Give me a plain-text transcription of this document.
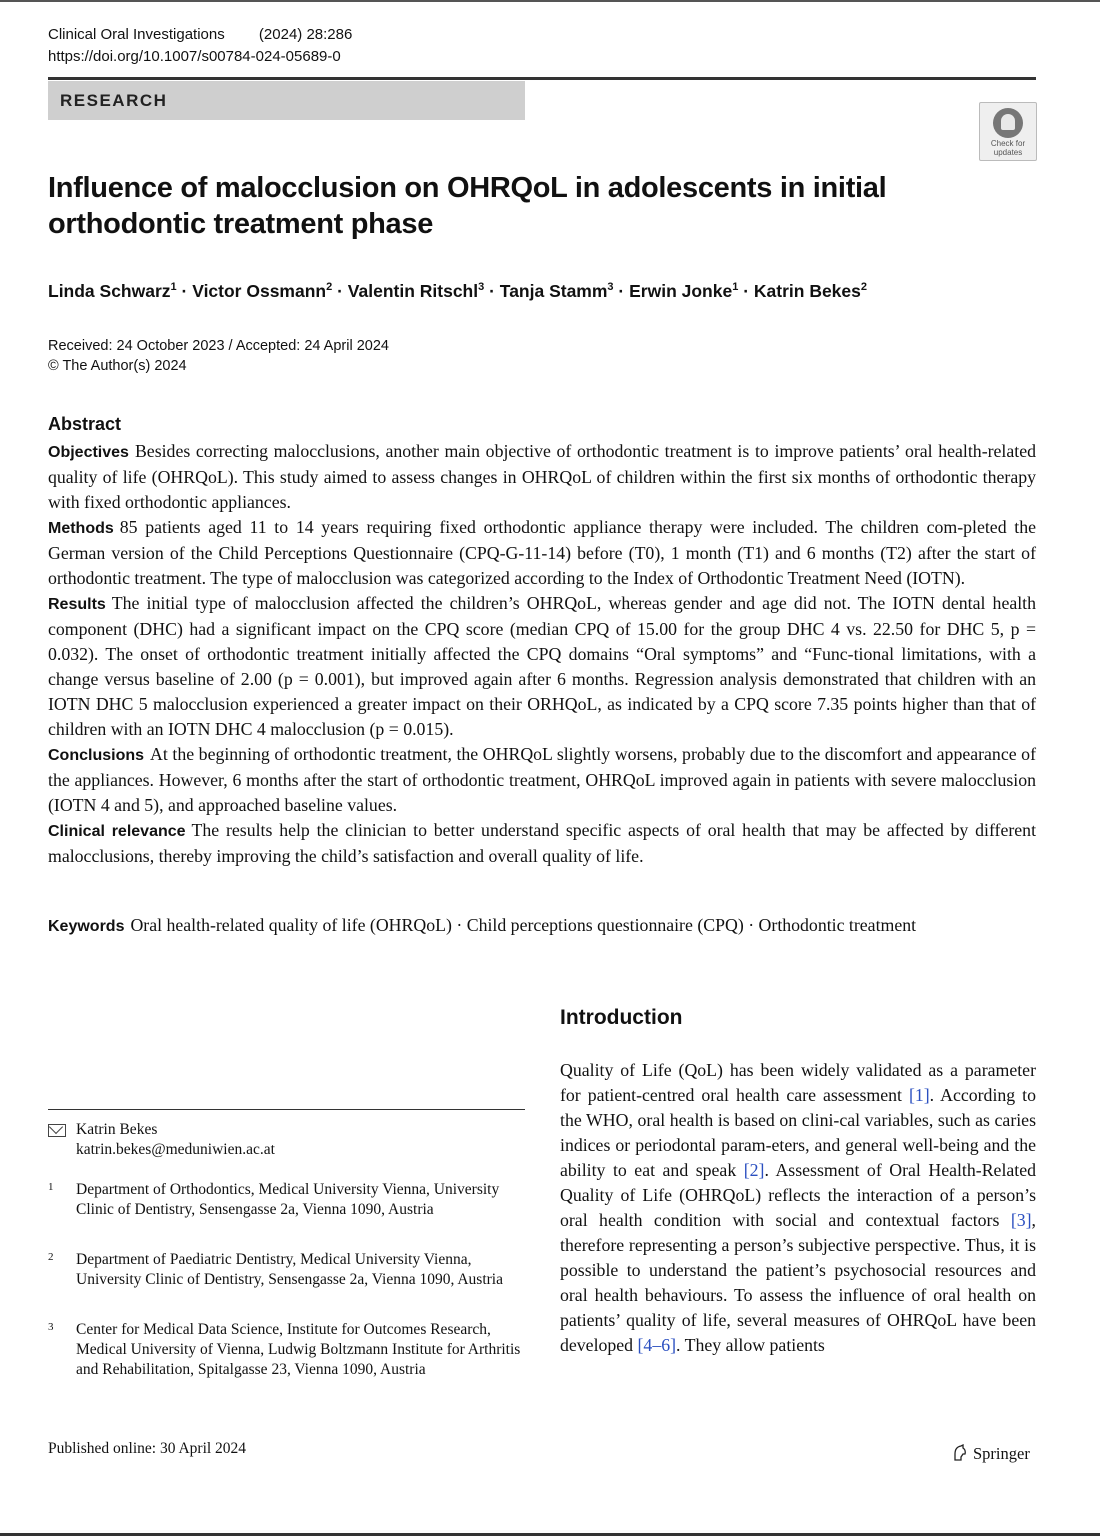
Clinical Oral Investigations (2024) 28:286
https://doi.org/10.1007/s00784-024-05689-0
RESEARCH
Check for
updates
Influence of malocclusion on OHRQoL in adolescents in initial orthodontic treatment phase
Linda Schwarz$^1$ · Victor Ossmann$^2$ · Valentin Ritschl$^3$ · Tanja Stamm$^3$ · Erwin Jonke$^1$ · Katrin Bekes$^2$
Received: 24 October 2023 / Accepted: 24 April 2024
© The Author(s) 2024
Abstract

Objectives Besides correcting malocclusions, another main objective of orthodontic treatment is to improve patients’ oral health-related quality of life (OHRQoL). This study aimed to assess changes in OHRQoL of children within the first six months of orthodontic therapy with fixed orthodontic appliances.

Methods 85 patients aged 11 to 14 years requiring fixed orthodontic appliance therapy were included. The children com-pleted the German version of the Child Perceptions Questionnaire (CPQ-G-11-14) before (T0), 1 month (T1) and 6 months (T2) after the start of orthodontic treatment. The type of malocclusion was categorized according to the Index of Orthodontic Treatment Need (IOTN).

Results The initial type of malocclusion affected the children’s OHRQoL, whereas gender and age did not. The IOTN dental health component (DHC) had a significant impact on the CPQ score (median CPQ of 15.00 for the group DHC 4 vs. 22.50 for DHC 5, p = 0.032). The onset of orthodontic treatment initially affected the CPQ domains “Oral symptoms” and “Func-tional limitations, with a change versus baseline of 2.00 (p = 0.001), but improved again after 6 months. Regression analysis demonstrated that children with an IOTN DHC 5 malocclusion experienced a greater impact on their ORHQoL, as indicated by a CPQ score 7.35 points higher than that of children with an IOTN DHC 4 malocclusion (p = 0.015).

Conclusions At the beginning of orthodontic treatment, the OHRQoL slightly worsens, probably due to the discomfort and appearance of the appliances. However, 6 months after the start of orthodontic treatment, OHRQoL improved again in patients with severe malocclusion (IOTN 4 and 5), and approached baseline values.

Clinical relevance The results help the clinician to better understand specific aspects of oral health that may be affected by different malocclusions, thereby improving the child’s satisfaction and overall quality of life.

Keywords Oral health-related quality of life (OHRQoL) · Child perceptions questionnaire (CPQ) · Orthodontic treatment
Introduction

Quality of Life (QoL) has been widely validated as a parameter for patient-centred oral health care assessment [1]. According to the WHO, oral health is based on clini-cal variables, such as caries indices or periodontal param-eters, and general well-being and the ability to eat and speak [2]. Assessment of Oral Health-Related Quality of Life (OHRQoL) reflects the interaction of a person’s oral health condition with social and contextual factors [3], therefore representing a person’s subjective perspective. Thus, it is possible to understand the patient’s psychosocial resources and oral health behaviours. To assess the influence of oral health on patients’ quality of life, several measures of OHRQoL have been developed [4–6]. They allow patients

Katrin Bekes
katrin.bekes@meduniwien.ac.at
1 Department of Orthodontics, Medical University Vienna, University Clinic of Dentistry, Sensengasse 2a, Vienna 1090, Austria
2 Department of Paediatric Dentistry, Medical University Vienna, University Clinic of Dentistry, Sensengasse 2a, Vienna 1090, Austria
3 Center for Medical Data Science, Institute for Outcomes Research, Medical University of Vienna, Ludwig Boltzmann Institute for Arthritis and Rehabilitation, Spitalgasse 23, Vienna 1090, Austria
Published online: 30 April 2024	Springer
